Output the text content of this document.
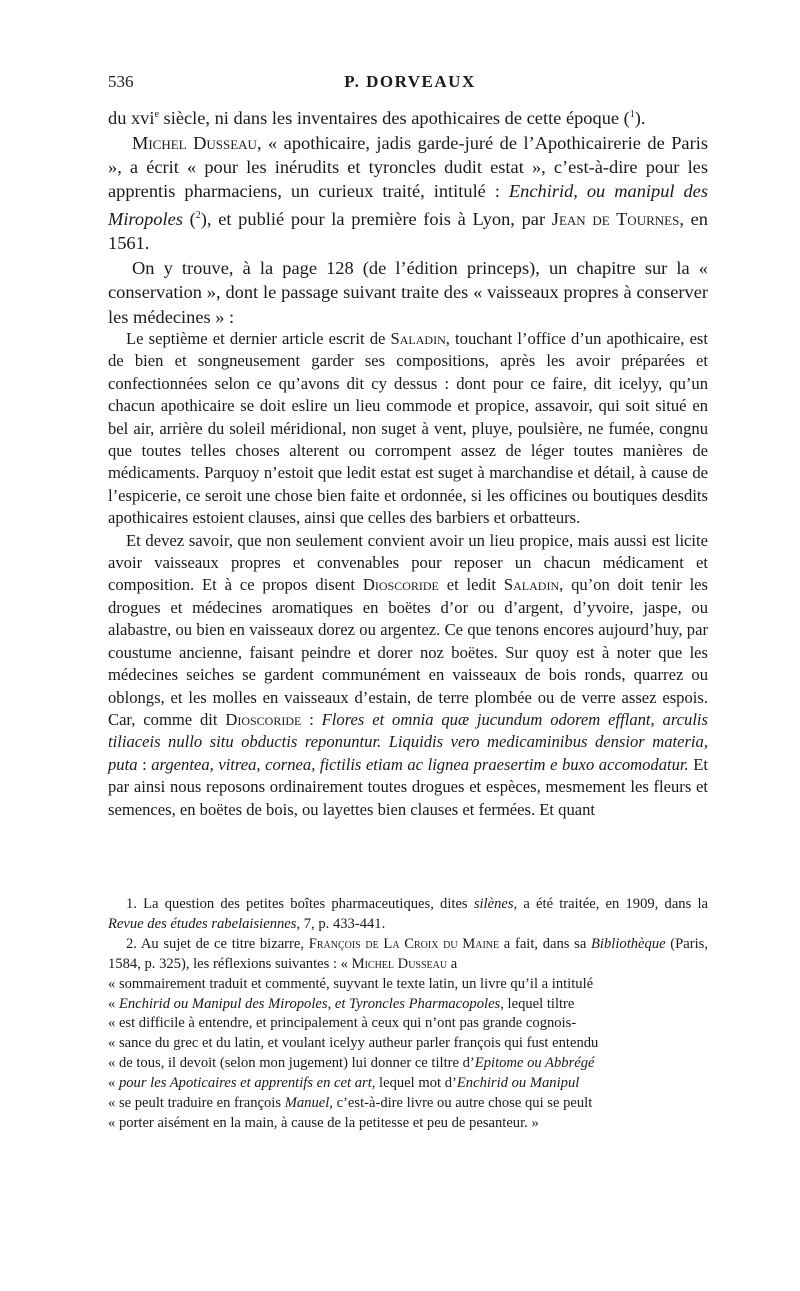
536	P. DORVEAUX

du xvi$^e$ siècle, ni dans les inventaires des apothicaires de cette époque ($^1$).

Michel Dusseau, « apothicaire, jadis garde-juré de l’Apothicairerie de Paris », a écrit « pour les inérudits et tyroncles dudit estat », c’est-à-dire pour les apprentis pharmaciens, un curieux traité, intitulé : Enchirid, ou manipul des Miropoles ($^2$), et publié pour la première fois à Lyon, par Jean de Tournes, en 1561.

On y trouve, à la page 128 (de l’édition princeps), un chapitre sur la « conservation », dont le passage suivant traite des « vaisseaux propres à conserver les médecines » :

Le septième et dernier article escrit de Saladin, touchant l’office d’un apothicaire, est de bien et songneusement garder ses compositions, après les avoir préparées et confectionnées selon ce qu’avons dit cy dessus : dont pour ce faire, dit icelуy, qu’un chacun apothicaire se doit eslire un lieu commode et propice, assavoir, qui soit situé en bel air, arrière du soleil méridional, non suget à vent, pluye, poulsière, ne fumée, congnu que toutes telles choses alterent ou corrompent assez de léger toutes manières de médicaments. Parquoy n’estoit que ledit estat est suget à marchandise et détail, à cause de l’espicerie, ce seroit une chose bien faite et ordonnée, si les officines ou boutiques desdits apothicaires estoient clauses, ainsi que celles des barbiers et orbatteurs.

Et devez savoir, que non seulement convient avoir un lieu propice, mais aussi est licite avoir vaisseaux propres et convenables pour reposer un chacun médicament et composition. Et à ce propos disent Dioscoride et ledit Saladin, qu’on doit tenir les drogues et médecines aromatiques en boëtes d’or ou d’argent, d’yvoire, jaspe, ou alabastre, ou bien en vaisseaux dorez ou argentez. Ce que tenons encores aujourd’huy, par coustume ancienne, faisant peindre et dorer noz boëtes. Sur quoy est à noter que les médecines seiches se gardent communément en vaisseaux de bois ronds, quarrez ou oblongs, et les molles en vaisseaux d’estain, de terre plombée ou de verre assez espois. Car, comme dit Dioscoride : Flores et omnia quæ jucundum odorem efflant, arculis tiliaceis nullo situ obductis reponuntur. Liquidis vero medicaminibus densior materia, puta : argentea, vitrea, cornea, fictilis etiam ac lignea praesertim e buxo accomodatur. Et par ainsi nous reposons ordinairement toutes drogues et espèces, mesmement les fleurs et semences, en boëtes de bois, ou layettes bien clauses et fermées. Et quant

1. La question des petites boîtes pharmaceutiques, dites silènes, a été traitée, en 1909, dans la Revue des études rabelaisiennes, 7, p. 433-441.

2. Au sujet de ce titre bizarre, François de La Croix du Maine a fait, dans sa Bibliothèque (Paris, 1584, p. 325), les réflexions suivantes : « Michel Dusseau a
« sommairement traduit et commenté, suyvant le texte latin, un livre qu’il a intitulé
« Enchirid ou Manipul des Miropoles, et Tyroncles Pharmacopoles, lequel tiltre
« est difficile à entendre, et principalement à ceux qui n’ont pas grande cognois-
« sance du grec et du latin, et voulant icelуy autheur parler françois qui fust entendu
« de tous, il devoit (selon mon jugement) lui donner ce tiltre d’Epitome ou Abbrégé
« pour les Apoticaires et apprentifs en cet art, lequel mot d’Enchirid ou Manipul
« se peult traduire en françois Manuel, c’est-à-dire livre ou autre chose qui se peult
« porter aisément en la main, à cause de la petitesse et peu de pesanteur. »
